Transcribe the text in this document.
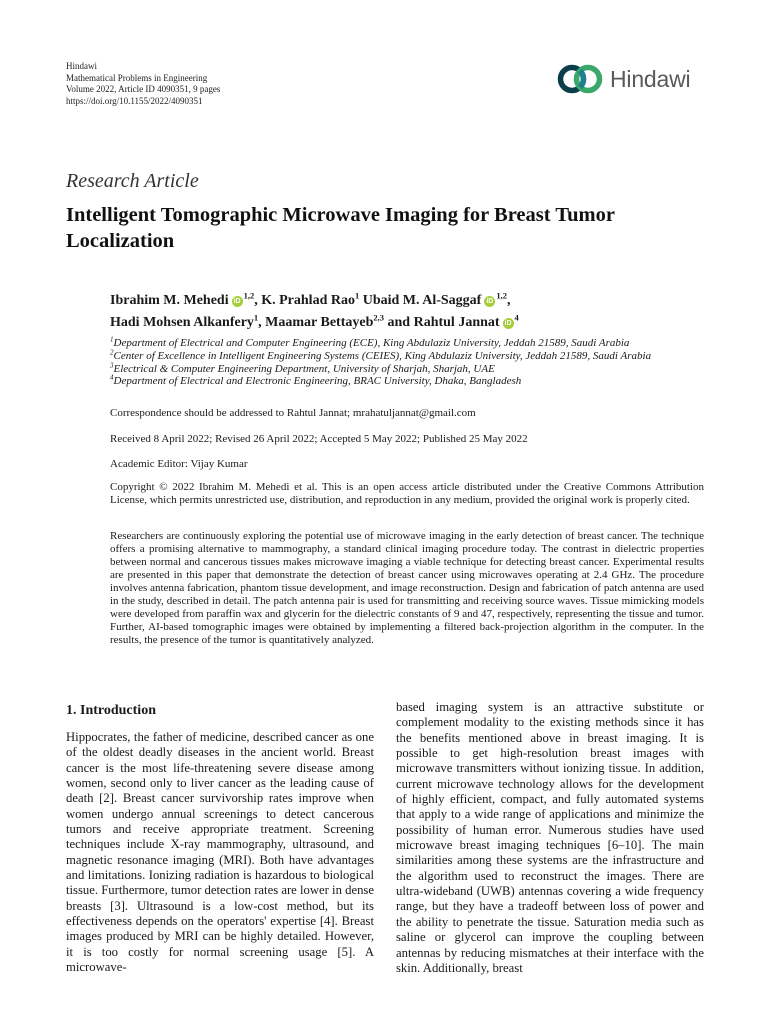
Hindawi
Mathematical Problems in Engineering
Volume 2022, Article ID 4090351, 9 pages
https://doi.org/10.1155/2022/4090351
Hindawi
Research Article
Intelligent Tomographic Microwave Imaging for Breast Tumor Localization
Ibrahim M. Mehedi iD$^{1,2}$, K. Prahlad Rao$^1$ Ubaid M. Al-Saggaf iD$^{1,2}$,
Hadi Mohsen Alkanfery$^1$, Maamar Bettayeb$^{2,3}$ and Rahtul Jannat $iD^4$
$^1$Department of Electrical and Computer Engineering (ECE), King Abdulaziz University, Jeddah 21589, Saudi Arabia
$^2$Center of Excellence in Intelligent Engineering Systems (CEIES), King Abdulaziz University, Jeddah 21589, Saudi Arabia
$^3$Electrical & Computer Engineering Department, University of Sharjah, Sharjah, UAE
$^4$Department of Electrical and Electronic Engineering, BRAC University, Dhaka, Bangladesh
Correspondence should be addressed to Rahtul Jannat; mrahatuljannat@gmail.com
Received 8 April 2022; Revised 26 April 2022; Accepted 5 May 2022; Published 25 May 2022
Academic Editor: Vijay Kumar
Copyright © 2022 Ibrahim M. Mehedi et al. This is an open access article distributed under the Creative Commons Attribution License, which permits unrestricted use, distribution, and reproduction in any medium, provided the original work is properly cited.
Researchers are continuously exploring the potential use of microwave imaging in the early detection of breast cancer. The technique offers a promising alternative to mammography, a standard clinical imaging procedure today. The contrast in dielectric properties between normal and cancerous tissues makes microwave imaging a viable technique for detecting breast cancer. Experimental results are presented in this paper that demonstrate the detection of breast cancer using microwaves operating at 2.4 GHz. The procedure involves antenna fabrication, phantom tissue development, and image reconstruction. Design and fabrication of patch antenna are used in the study, described in detail. The patch antenna pair is used for transmitting and receiving source waves. Tissue mimicking models were developed from paraffin wax and glycerin for the dielectric constants of 9 and 47, respectively, representing the tissue and tumor. Further, AI-based tomographic images were obtained by implementing a filtered back-projection algorithm in the computer. In the results, the presence of the tumor is quantitatively analyzed.
1. Introduction
Hippocrates, the father of medicine, described cancer as one of the oldest deadly diseases in the ancient world. Breast cancer is the most life-threatening severe disease among women, second only to liver cancer as the leading cause of death [2]. Breast cancer survivorship rates improve when women undergo annual screenings to detect cancerous tumors and receive appropriate treatment. Screening techniques include X-ray mammography, ultrasound, and magnetic resonance imaging (MRI). Both have advantages and limitations. Ionizing radiation is hazardous to biological tissue. Furthermore, tumor detection rates are lower in dense breasts [3]. Ultrasound is a low-cost method, but its effectiveness depends on the operators' expertise [4]. Breast images produced by MRI can be highly detailed. However, it is too costly for normal screening usage [5]. A microwave-
based imaging system is an attractive substitute or complement modality to the existing methods since it has the benefits mentioned above in breast imaging. It is possible to get high-resolution breast images with microwave transmitters without ionizing tissue. In addition, current microwave technology allows for the development of highly efficient, compact, and fully automated systems that apply to a wide range of applications and minimize the possibility of human error. Numerous studies have used microwave breast imaging techniques [6–10]. The main similarities among these systems are the infrastructure and the algorithm used to reconstruct the images. There are ultra-wideband (UWB) antennas covering a wide frequency range, but they have a tradeoff between loss of power and the ability to penetrate the tissue. Saturation media such as saline or glycerol can improve the coupling between antennas by reducing mismatches at their interface with the skin. Additionally, breast
